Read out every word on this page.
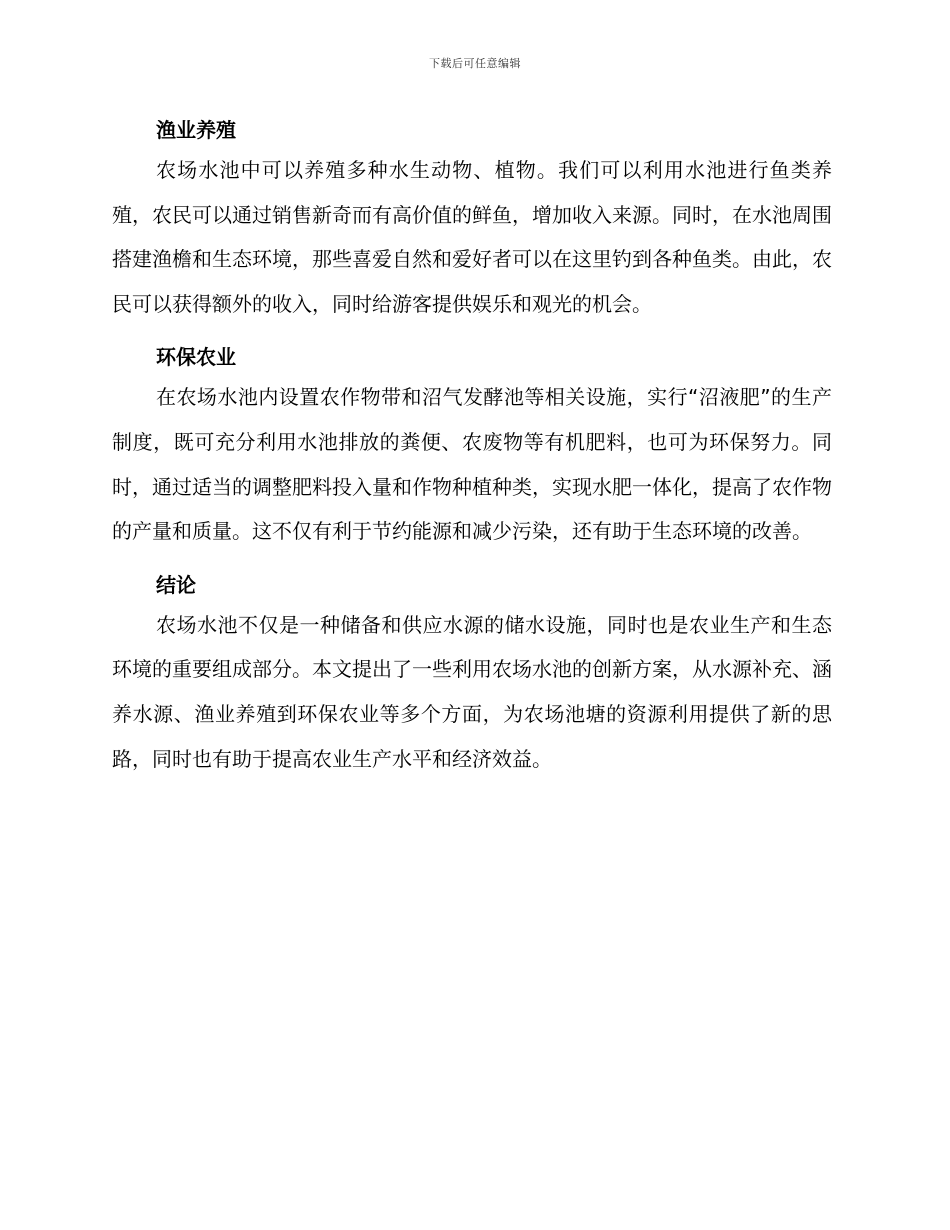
下载后可任意编辑
渔业养殖

农场水池中可以养殖多种水生动物、植物。我们可以利用水池进行鱼类养殖，农民可以通过销售新奇而有高价值的鲜鱼，增加收入来源。同时，在水池周围搭建渔檐和生态环境，那些喜爱自然和爱好者可以在这里钓到各种鱼类。由此，农民可以获得额外的收入，同时给游客提供娱乐和观光的机会。

环保农业

在农场水池内设置农作物带和沼气发酵池等相关设施，实行“沼液肥”的生产制度，既可充分利用水池排放的粪便、农废物等有机肥料，也可为环保努力。同时，通过适当的调整肥料投入量和作物种植种类，实现水肥一体化，提高了农作物的产量和质量。这不仅有利于节约能源和减少污染，还有助于生态环境的改善。

结论

农场水池不仅是一种储备和供应水源的储水设施，同时也是农业生产和生态环境的重要组成部分。本文提出了一些利用农场水池的创新方案，从水源补充、涵养水源、渔业养殖到环保农业等多个方面，为农场池塘的资源利用提供了新的思路，同时也有助于提高农业生产水平和经济效益。
